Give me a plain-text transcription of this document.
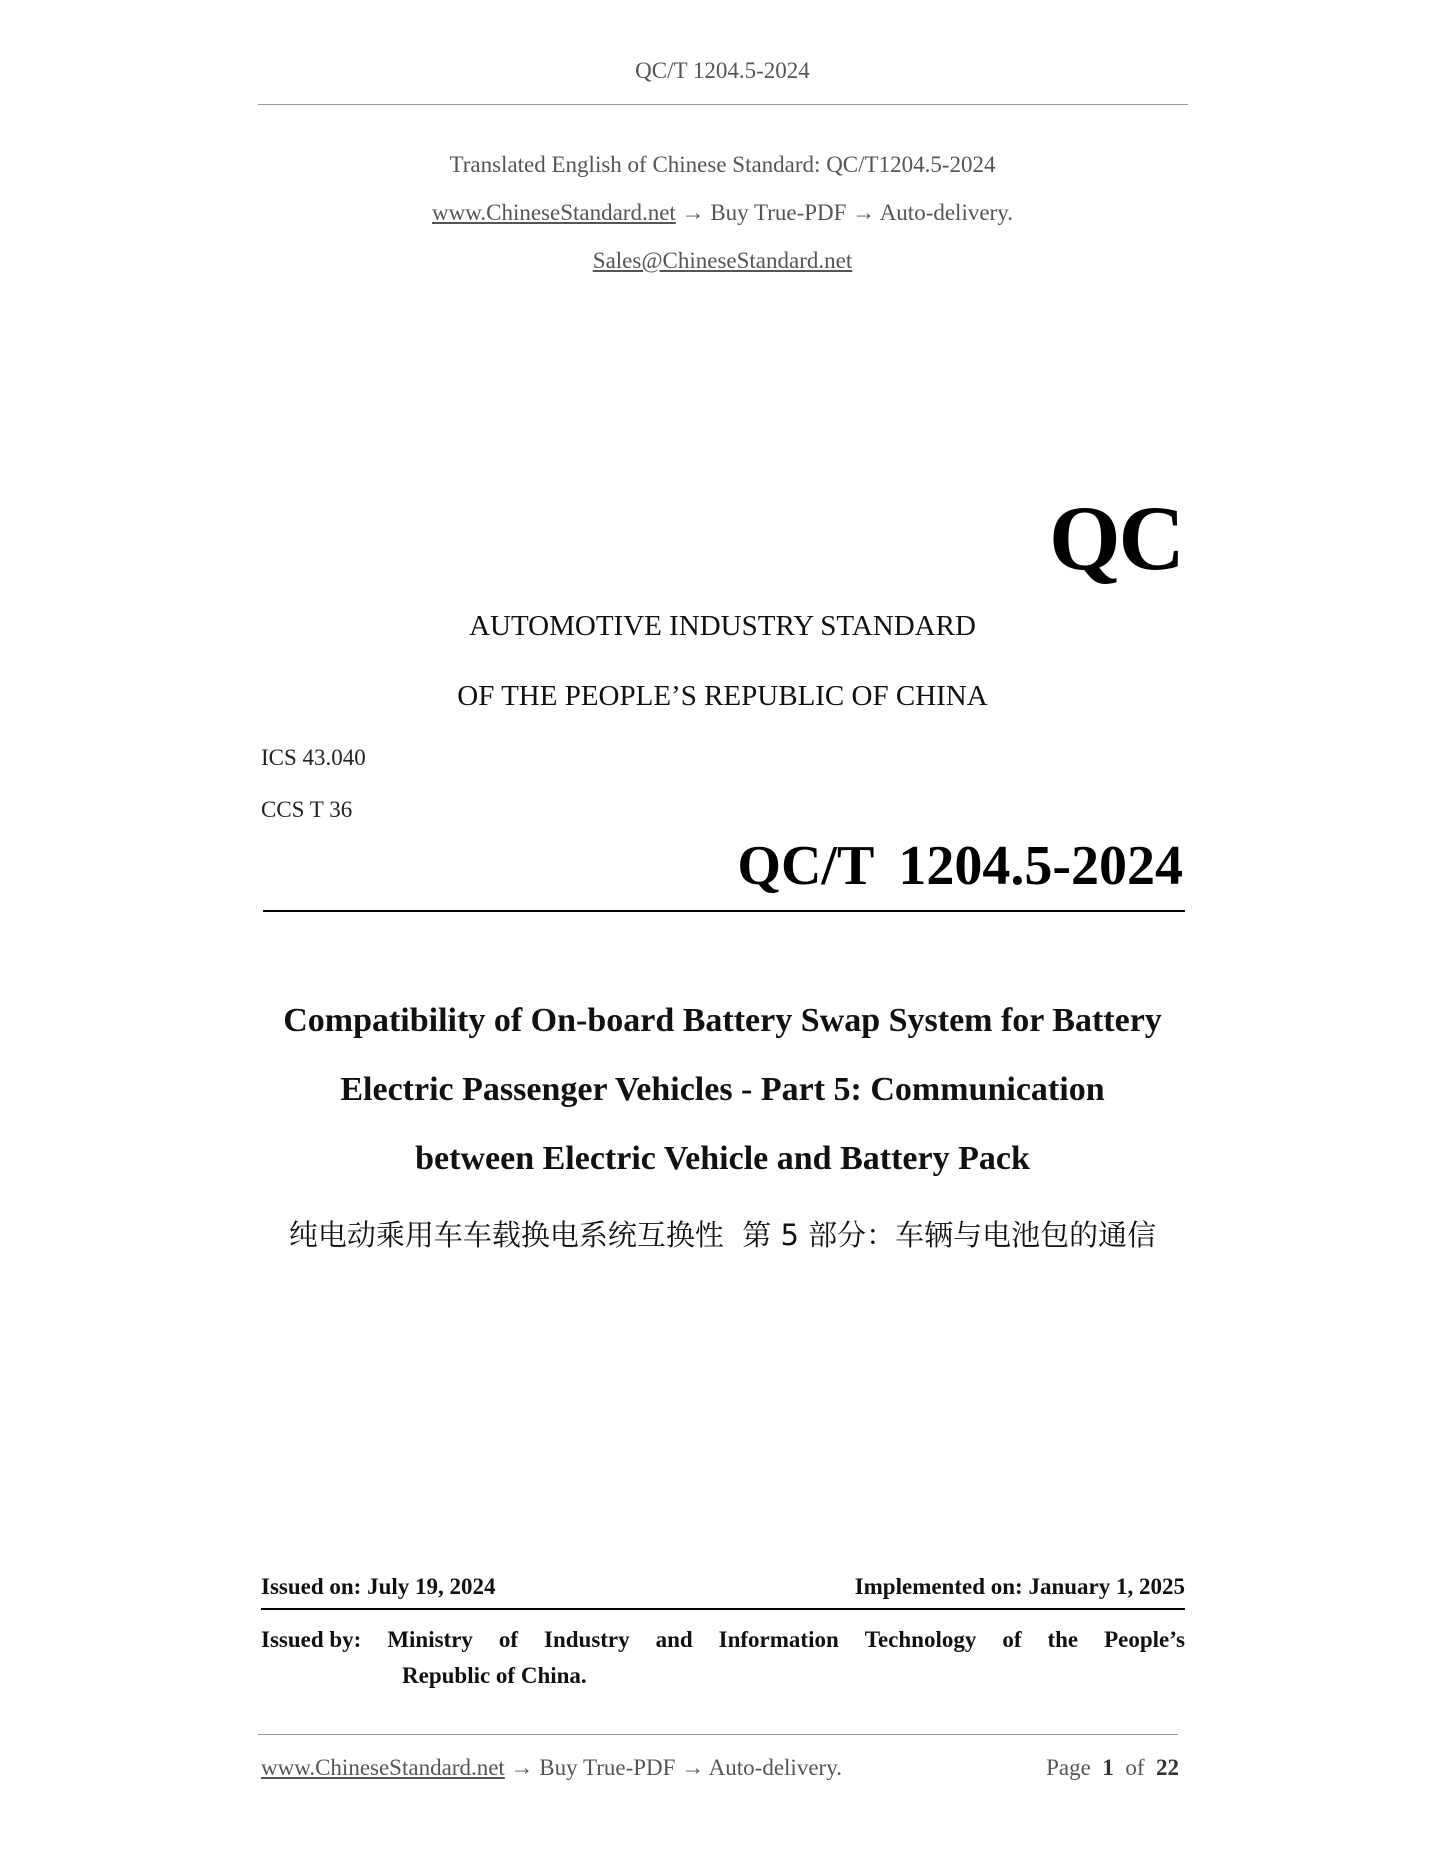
QC/T 1204.5-2024
Translated English of Chinese Standard: QC/T1204.5-2024
www.ChineseStandard.net → Buy True-PDF → Auto-delivery.
Sales@ChineseStandard.net
QC
AUTOMOTIVE INDUSTRY STANDARD
OF THE PEOPLE’S REPUBLIC OF CHINA
ICS 43.040
CCS T 36
QC/T 1204.5-2024
Compatibility of On-board Battery Swap System for Battery
Electric Passenger Vehicles - Part 5: Communication
between Electric Vehicle and Battery Pack
纯电动乘用车车载换电系统互换性  第 5 部分：车辆与电池包的通信
Issued on: July 19, 2024	Implemented on: January 1, 2025
Issued by: Ministry of Industry and Information Technology of the People’s
Republic of China.
www.ChineseStandard.net → Buy True-PDF → Auto-delivery.	Page 1 of 22
